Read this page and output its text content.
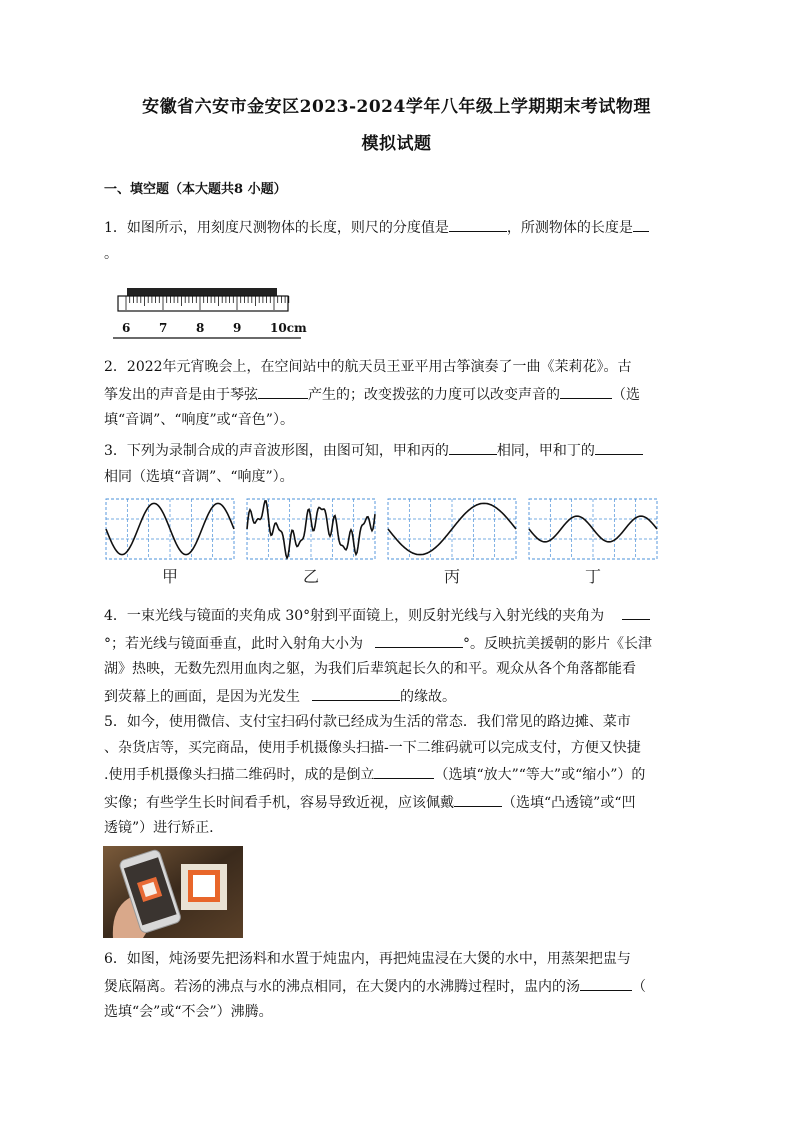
安徽省六安市金安区2023-2024学年八年级上学期期末考试物理
模拟试题
一、填空题（本大题共8 小题）

1．如图所示，用刻度尺测物体的长度，则尺的分度值是	，所测物体的长度是
。

6 7 8 9 10cm

2．2022年元宵晚会上，在空间站中的航天员王亚平用古筝演奏了一曲《茉莉花》。古
筝发出的声音是由于琴弦	产生的；改变拨弦的力度可以改变声音的	（选
填“音调”、“响度”或“音色”）。

3．下列为录制合成的声音波形图，由图可知，甲和丙的	相同，甲和丁的
相同（选填“音调”、“响度”）。

甲	乙	丙	丁

4．一束光线与镜面的夹角成 30°射到平面镜上，则反射光线与入射光线的夹角为
°；若光线与镜面垂直，此时入射角大小为	°。反映抗美援朝的影片《长津
湖》热映，无数先烈用血肉之躯，为我们后辈筑起长久的和平。观众从各个角落都能看
到荧幕上的画面，是因为光发生	的缘故。

5．如今，使用微信、支付宝扫码付款已经成为生活的常态．我们常见的路边摊、菜市
、杂货店等，买完商品，使用手机摄像头扫描-一下二维码就可以完成支付，方便又快捷
.使用手机摄像头扫描二维码时，成的是倒立	（选填“放大”“等大”或“缩小”）的
实像；有些学生长时间看手机，容易导致近视，应该佩戴	（选填“凸透镜”或“凹
透镜”）进行矫正.

6．如图，炖汤要先把汤料和水置于炖盅内，再把炖盅浸在大煲的水中，用蒸架把盅与
煲底隔离。若汤的沸点与水的沸点相同，在大煲内的水沸腾过程时，盅内的汤	（
选填“会”或“不会”）沸腾。
